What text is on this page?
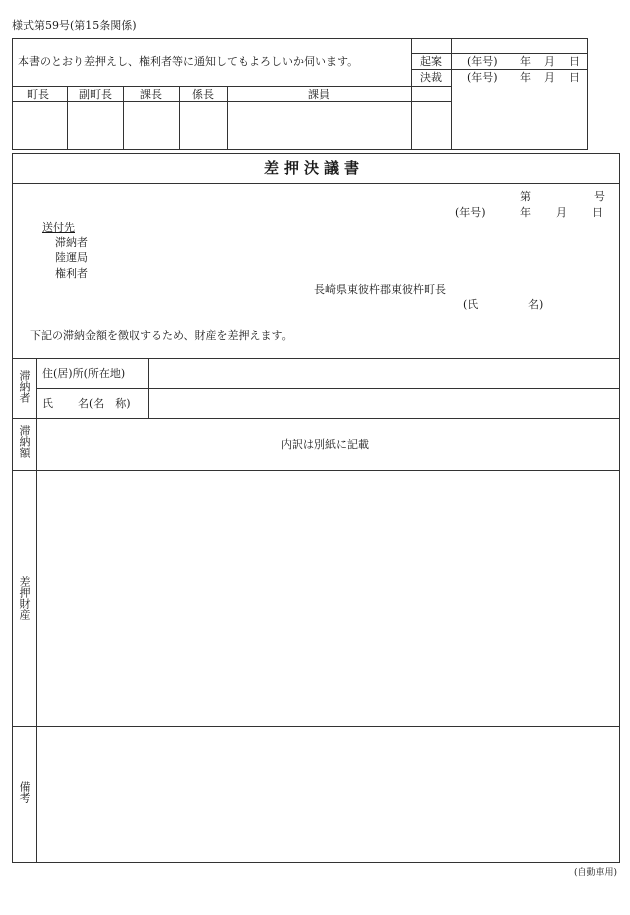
様式第59号(第15条関係)
本書のとおり差押えし、権利者等に通知してもよろしいか伺います。	起案 (年号) 年 月 日
決裁 (年号) 年 月 日
町長	副町長	課長	係長	課員
差押決議書
第	号
(年号)	年 月 日
送付先
滞納者
陸運局
権利者
長崎県東彼杵郡東彼杵町長
(氏	名)
下記の滞納金額を徴収するため、財産を差押えます。
滞納者 住(居)所(所在地)
氏 名(名　称)
滞納額	内訳は別紙に記載
差押財産
備考
(自動車用)
